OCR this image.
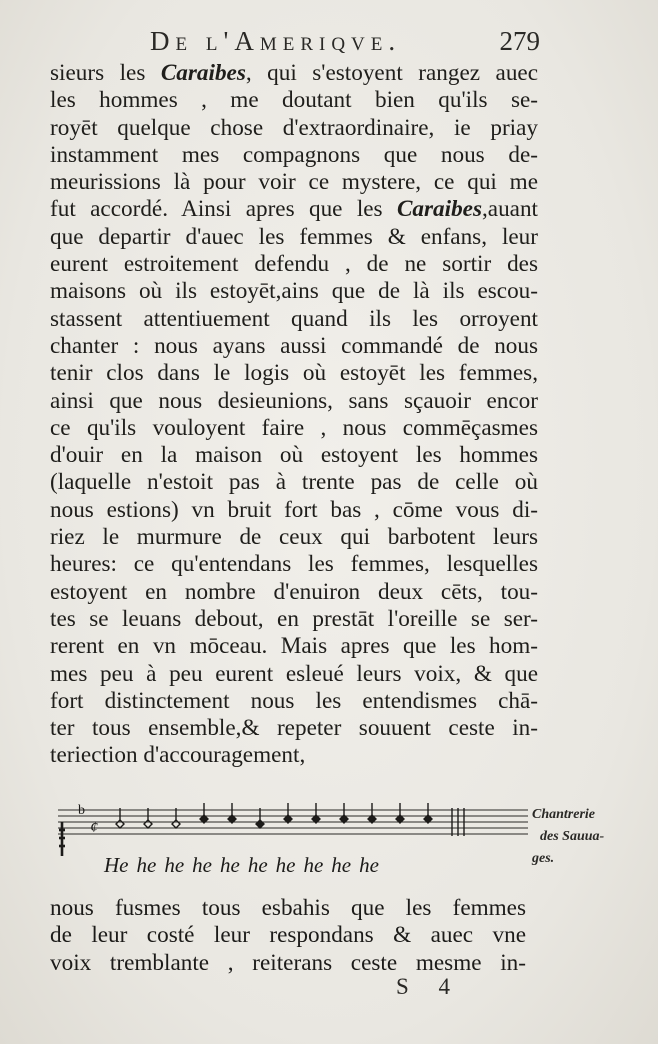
De l'Ameriqve.	279
sieurs les Caraibes, qui s'estoyent rangez auec
les hommes , me doutant bien qu'ils se-
royēt quelque chose d'extraordinaire, ie priay
instamment mes compagnons que nous de-
meurissions là pour voir ce mystere, ce qui me
fut accordé. Ainsi apres que les Caraibes,auant
que departir d'auec les femmes & enfans, leur
eurent estroitement defendu , de ne sortir des
maisons où ils estoyēt,ains que de là ils escou-
stassent attentiuement quand ils les orroyent
chanter : nous ayans aussi commandé de nous
tenir clos dans le logis où estoyēt les femmes,
ainsi que nous desieunions, sans sçauoir encor
ce qu'ils vouloyent faire , nous commēçasmes
d'ouir en la maison où estoyent les hommes
(laquelle n'estoit pas à trente pas de celle où
nous estions) vn bruit fort bas , cōme vous di-
riez le murmure de ceux qui barbotent leurs
heures: ce qu'entendans les femmes, lesquelles
estoyent en nombre d'enuiron deux cēts, tou-
tes se leuans debout, en prestāt l'oreille se ser-
rerent en vn mōceau. Mais apres que les hom-
mes peu à peu eurent esleué leurs voix, & que
fort distinctement nous les entendismes chā-
ter tous ensemble,& repeter souuent ceste in-
teriection d'accouragement,
b
¢
He he he he he he he he he he
Chantrerie
des Sauua-
ges.
nous fusmes tous esbahis que les femmes
de leur costé leur respondans & auec vne
voix tremblante , reiterans ceste mesme in-
S 4
